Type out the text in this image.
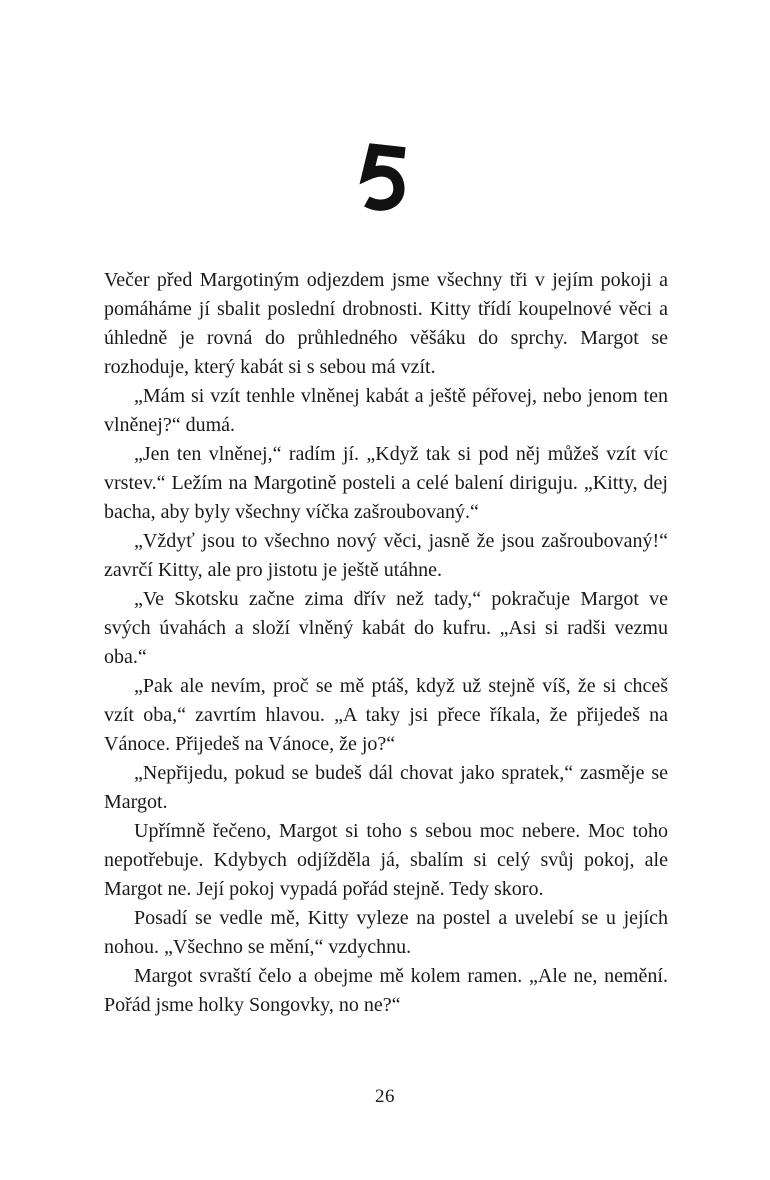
Večer před Margotiným odjezdem jsme všechny tři v jejím pokoji a pomáháme jí sbalit poslední drobnosti. Kitty třídí koupelnové věci a úhledně je rovná do průhledného věšáku do sprchy. Margot se rozhoduje, který kabát si s sebou má vzít.

„Mám si vzít tenhle vlněnej kabát a ještě péřovej, nebo jenom ten vlněnej?“ dumá.

„Jen ten vlněnej,“ radím jí. „Když tak si pod něj můžeš vzít víc vrstev.“ Ležím na Margotině posteli a celé balení diriguju. „Kitty, dej bacha, aby byly všechny víčka zašroubovaný.“

„Vždyť jsou to všechno nový věci, jasně že jsou zašroubovaný!“ zavrčí Kitty, ale pro jistotu je ještě utáhne.

„Ve Skotsku začne zima dřív než tady,“ pokračuje Margot ve svých úvahách a složí vlněný kabát do kufru. „Asi si radši vezmu oba.“

„Pak ale nevím, proč se mě ptáš, když už stejně víš, že si chceš vzít oba,“ zavrtím hlavou. „A taky jsi přece říkala, že přijedeš na Vánoce. Přijedeš na Vánoce, že jo?“

„Nepřijedu, pokud se budeš dál chovat jako spratek,“ zasměje se Margot.

Upřímně řečeno, Margot si toho s sebou moc nebere. Moc toho nepotřebuje. Kdybych odjížděla já, sbalím si celý svůj pokoj, ale Margot ne. Její pokoj vypadá pořád stejně. Tedy skoro.

Posadí se vedle mě, Kitty vyleze na postel a uvelebí se u jejích nohou. „Všechno se mění,“ vzdychnu.

Margot svraští čelo a obejme mě kolem ramen. „Ale ne, nemění. Pořád jsme holky Songovky, no ne?“

26
